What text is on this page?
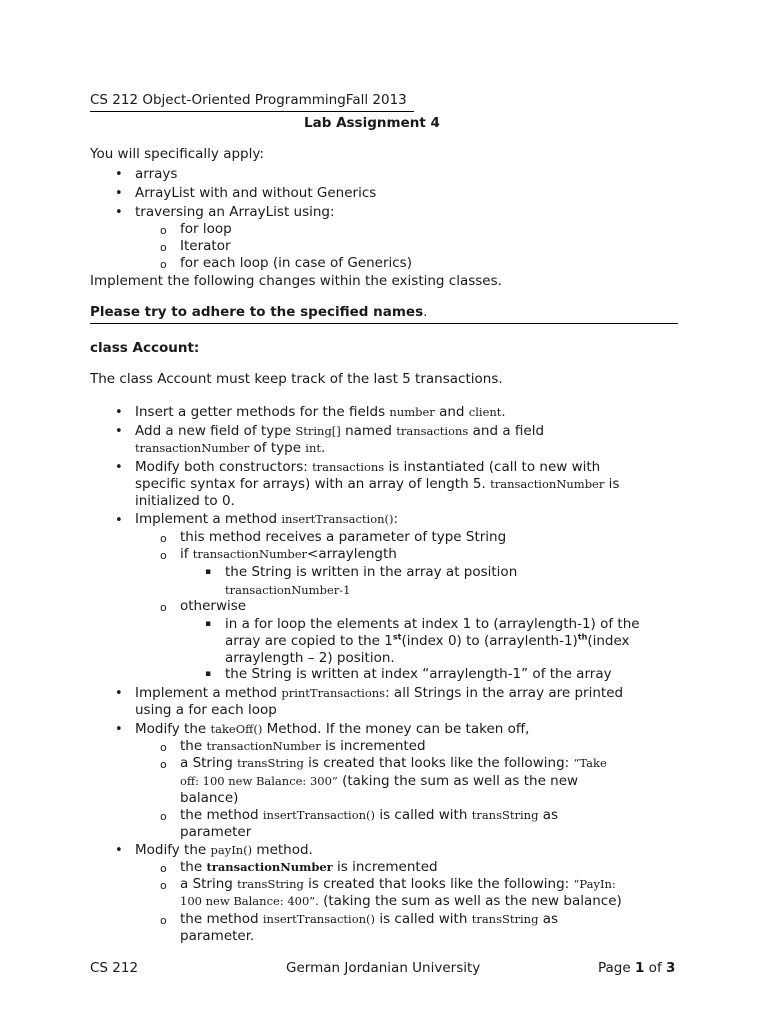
CS 212 Object-Oriented ProgrammingFall 2013
Lab Assignment 4
You will specifically apply:
• arrays
• ArrayList with and without Generics
• traversing an ArrayList using:
o for loop
o Iterator
o for each loop (in case of Generics)
Implement the following changes within the existing classes.
Please try to adhere to the specified names.
class Account:
The class Account must keep track of the last 5 transactions.
• Insert a getter methods for the fields number and client.
• Add a new field of type String[] named transactions and a field
transactionNumber of type int.
• Modify both constructors: transactions is instantiated (call to new with
specific syntax for arrays) with an array of length 5. transactionNumber is
initialized to 0.
• Implement a method insertTransaction():
o this method receives a parameter of type String
o if transactionNumber<arraylength
▪ the String is written in the array at position
transactionNumber-1
o otherwise
▪ in a for loop the elements at index 1 to (arraylength-1) of the
array are copied to the 1st(index 0) to (arraylenth-1)$^{th}$(index
arraylength – 2) position.
▪ the String is written at index “arraylength-1” of the array
• Implement a method printTransactions: all Strings in the array are printed
using a for each loop
• Modify the takeOff() Method. If the money can be taken off,
o the transactionNumber is incremented
o a String transString is created that looks like the following: “Take
off: 100 new Balance: 300” (taking the sum as well as the new
balance)
o the method insertTransaction() is called with transString as
parameter
• Modify the payIn() method.
o the transactionNumber is incremented
o a String transString is created that looks like the following: “PayIn:
100 new Balance: 400”. (taking the sum as well as the new balance)
o the method insertTransaction() is called with transString as
parameter.
CS 212	German Jordanian University	Page 1 of 3
